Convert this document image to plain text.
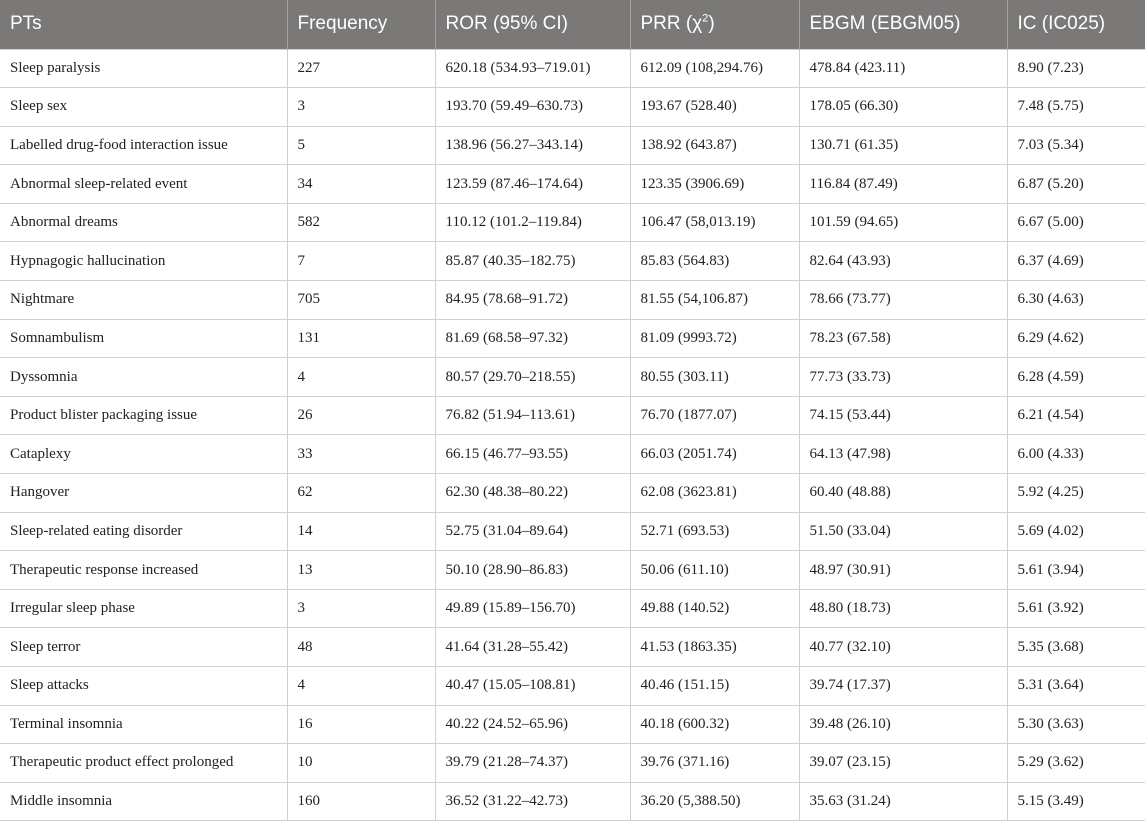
PTs	Frequency	ROR (95% CI)	PRR $(\chi^2)$	EBGM (EBGM05)	IC (IC025)
Sleep paralysis	227	620.18 (534.93–719.01)	612.09 (108,294.76)	478.84 (423.11)	8.90 (7.23)
Sleep sex	3	193.70 (59.49–630.73)	193.67 (528.40)	178.05 (66.30)	7.48 (5.75)
Labelled drug-food interaction issue	5	138.96 (56.27–343.14)	138.92 (643.87)	130.71 (61.35)	7.03 (5.34)
Abnormal sleep-related event	34	123.59 (87.46–174.64)	123.35 (3906.69)	116.84 (87.49)	6.87 (5.20)
Abnormal dreams	582	110.12 (101.2–119.84)	106.47 (58,013.19)	101.59 (94.65)	6.67 (5.00)
Hypnagogic hallucination	7	85.87 (40.35–182.75)	85.83 (564.83)	82.64 (43.93)	6.37 (4.69)
Nightmare	705	84.95 (78.68–91.72)	81.55 (54,106.87)	78.66 (73.77)	6.30 (4.63)
Somnambulism	131	81.69 (68.58–97.32)	81.09 (9993.72)	78.23 (67.58)	6.29 (4.62)
Dyssomnia	4	80.57 (29.70–218.55)	80.55 (303.11)	77.73 (33.73)	6.28 (4.59)
Product blister packaging issue	26	76.82 (51.94–113.61)	76.70 (1877.07)	74.15 (53.44)	6.21 (4.54)
Cataplexy	33	66.15 (46.77–93.55)	66.03 (2051.74)	64.13 (47.98)	6.00 (4.33)
Hangover	62	62.30 (48.38–80.22)	62.08 (3623.81)	60.40 (48.88)	5.92 (4.25)
Sleep-related eating disorder	14	52.75 (31.04–89.64)	52.71 (693.53)	51.50 (33.04)	5.69 (4.02)
Therapeutic response increased	13	50.10 (28.90–86.83)	50.06 (611.10)	48.97 (30.91)	5.61 (3.94)
Irregular sleep phase	3	49.89 (15.89–156.70)	49.88 (140.52)	48.80 (18.73)	5.61 (3.92)
Sleep terror	48	41.64 (31.28–55.42)	41.53 (1863.35)	40.77 (32.10)	5.35 (3.68)
Sleep attacks	4	40.47 (15.05–108.81)	40.46 (151.15)	39.74 (17.37)	5.31 (3.64)
Terminal insomnia	16	40.22 (24.52–65.96)	40.18 (600.32)	39.48 (26.10)	5.30 (3.63)
Therapeutic product effect prolonged	10	39.79 (21.28–74.37)	39.76 (371.16)	39.07 (23.15)	5.29 (3.62)
Middle insomnia	160	36.52 (31.22–42.73)	36.20 (5,388.50)	35.63 (31.24)	5.15 (3.49)
